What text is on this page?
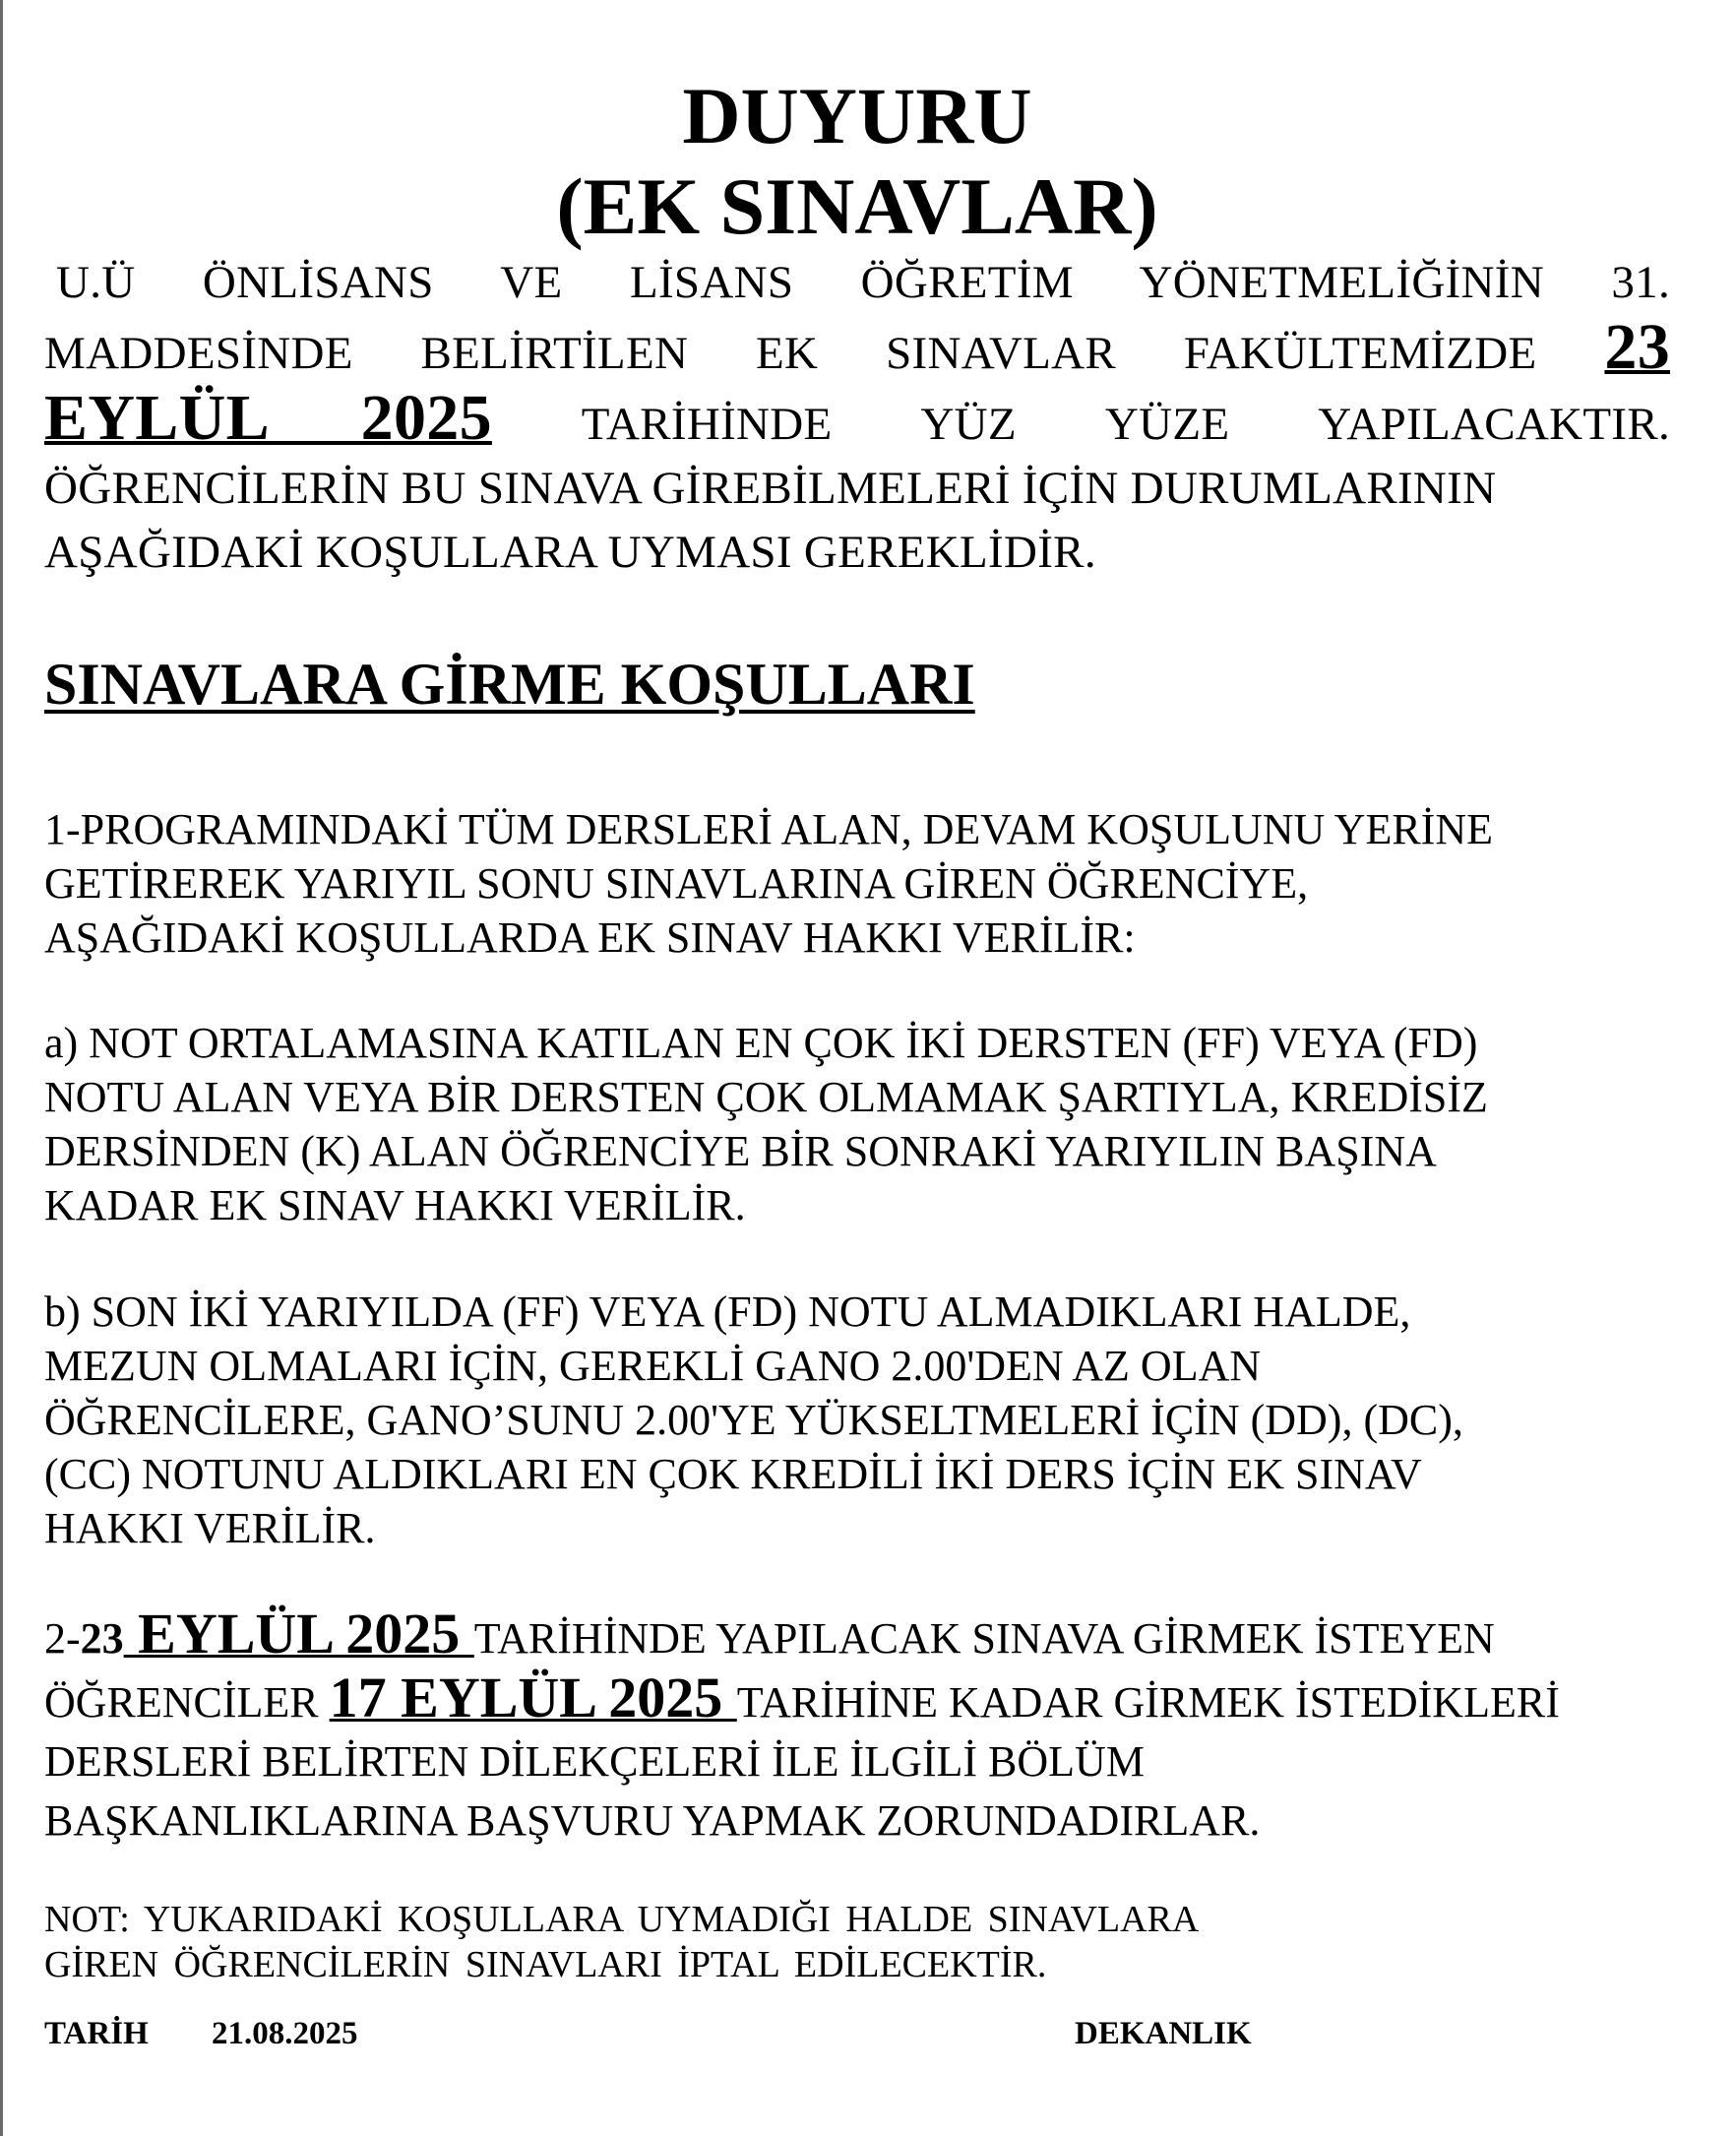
DUYURU
(EK SINAVLAR)

U.Ü ÖNLİSANS VE LİSANS ÖĞRETİM YÖNETMELİĞİNİN 31.
MADDESİNDE BELİRTİLEN EK SINAVLAR FAKÜLTEMİZDE 23
EYLÜL 2025 TARİHİNDE YÜZ YÜZE YAPILACAKTIR.
ÖĞRENCİLERİN BU SINAVA GİREBİLMELERİ İÇİN DURUMLARININ
AŞAĞIDAKİ KOŞULLARA UYMASI GEREKLİDİR.

SINAVLARA GİRME KOŞULLARI

1-PROGRAMINDAKİ TÜM DERSLERİ ALAN, DEVAM KOŞULUNU YERİNE
GETİREREK YARIYIL SONU SINAVLARINA GİREN ÖĞRENCİYE,
AŞAĞIDAKİ KOŞULLARDA EK SINAV HAKKI VERİLİR:

a) NOT ORTALAMASINA KATILAN EN ÇOK İKİ DERSTEN (FF) VEYA (FD)
NOTU ALAN VEYA BİR DERSTEN ÇOK OLMAMAK ŞARTIYLA, KREDİSİZ
DERSİNDEN (K) ALAN ÖĞRENCİYE BİR SONRAKİ YARIYILIN BAŞINA
KADAR EK SINAV HAKKI VERİLİR.

b) SON İKİ YARIYILDA (FF) VEYA (FD) NOTU ALMADIKLARI HALDE,
MEZUN OLMALARI İÇİN, GEREKLİ GANO 2.00'DEN AZ OLAN
ÖĞRENCİLERE, GANO’SUNU 2.00'YE YÜKSELTMELERİ İÇİN (DD), (DC),
(CC) NOTUNU ALDIKLARI EN ÇOK KREDİLİ İKİ DERS İÇİN EK SINAV
HAKKI VERİLİR.

2-23 EYLÜL 2025 TARİHİNDE YAPILACAK SINAVA GİRMEK İSTEYEN
ÖĞRENCİLER 17 EYLÜL 2025 TARİHİNE KADAR GİRMEK İSTEDİKLERİ
DERSLERİ BELİRTEN DİLEKÇELERİ İLE İLGİLİ BÖLÜM
BAŞKANLIKLARINA BAŞVURU YAPMAK ZORUNDADIRLAR.

NOT: YUKARIDAKİ KOŞULLARA UYMADIĞI HALDE SINAVLARA
GİREN ÖĞRENCİLERİN SINAVLARI İPTAL EDİLECEKTİR.

TARİH 21.08.2025	DEKANLIK
